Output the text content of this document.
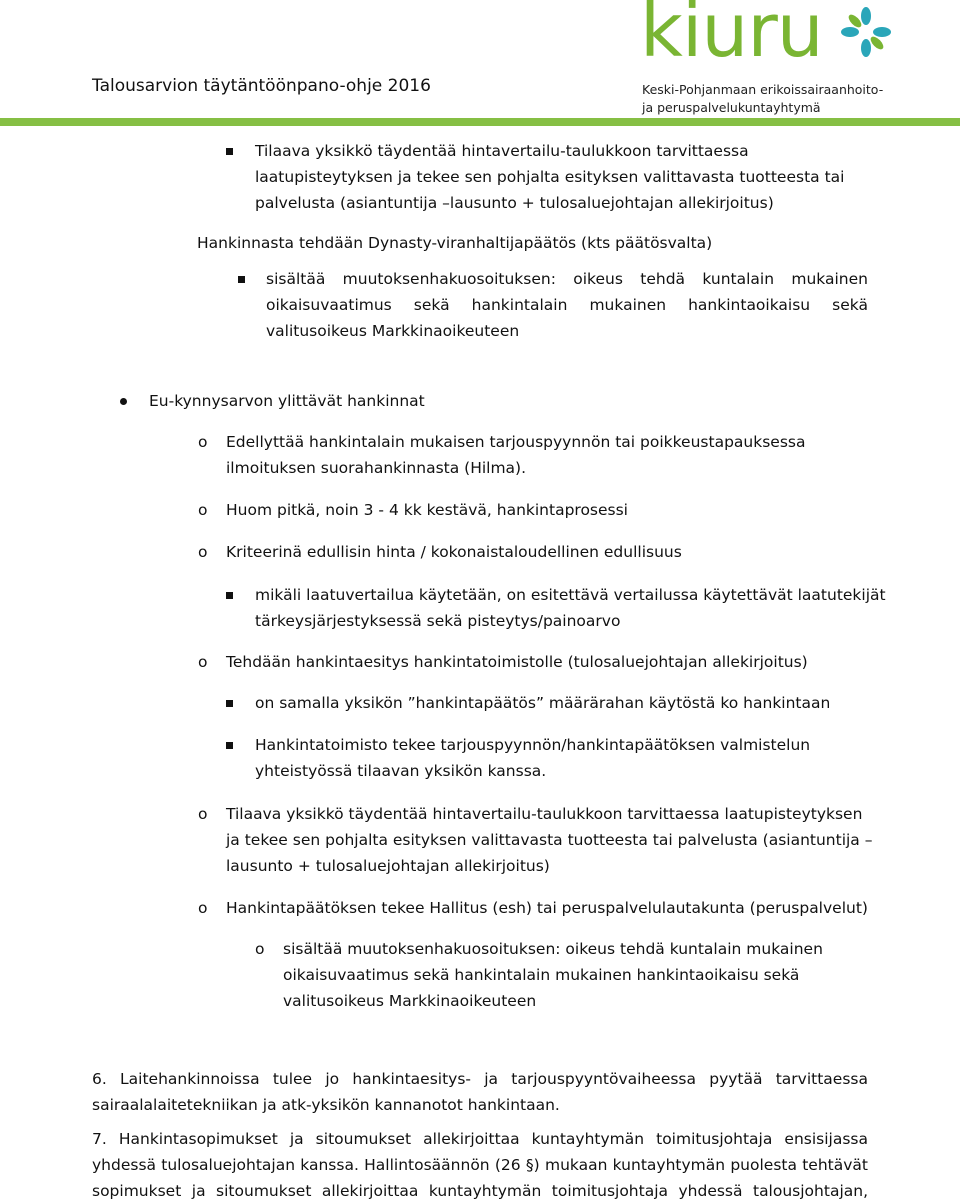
Talousarvion täytäntöönpano-ohje 2016
kiuru
Keski-Pohjanmaan erikoissairaanhoito-
ja peruspalvelukuntayhtymä
Tilaava yksikkö täydentää hintavertailu-taulukkoon tarvittaessa
laatupisteytyksen ja tekee sen pohjalta esityksen valittavasta tuotteesta tai
palvelusta (asiantuntija –lausunto + tulosaluejohtajan allekirjoitus)
Hankinnasta tehdään Dynasty-viranhaltijapäätös (kts päätösvalta)
sisältää muutoksenhakuosoituksen: oikeus tehdä kuntalain mukainen
oikaisuvaatimus sekä hankintalain mukainen hankintaoikaisu sekä
valitusoikeus Markkinaoikeuteen
Eu-kynnysarvon ylittävät hankinnat
o Edellyttää hankintalain mukaisen tarjouspyynnön tai poikkeustapauksessa
ilmoituksen suorahankinnasta (Hilma).
o Huom pitkä, noin 3 - 4 kk kestävä, hankintaprosessi
o Kriteerinä edullisin hinta / kokonaistaloudellinen edullisuus
mikäli laatuvertailua käytetään, on esitettävä vertailussa käytettävät laatutekijät
tärkeysjärjestyksessä sekä pisteytys/painoarvo
o Tehdään hankintaesitys hankintatoimistolle (tulosaluejohtajan allekirjoitus)
on samalla yksikön ”hankintapäätös” määrärahan käytöstä ko hankintaan
Hankintatoimisto tekee tarjouspyynnön/hankintapäätöksen valmistelun
yhteistyössä tilaavan yksikön kanssa.
o Tilaava yksikkö täydentää hintavertailu-taulukkoon tarvittaessa laatupisteytyksen
ja tekee sen pohjalta esityksen valittavasta tuotteesta tai palvelusta (asiantuntija –
lausunto + tulosaluejohtajan allekirjoitus)
o Hankintapäätöksen tekee Hallitus (esh) tai peruspalvelulautakunta (peruspalvelut)
o sisältää muutoksenhakuosoituksen: oikeus tehdä kuntalain mukainen
oikaisuvaatimus sekä hankintalain mukainen hankintaoikaisu sekä
valitusoikeus Markkinaoikeuteen
6. Laitehankinnoissa tulee jo hankintaesitys- ja tarjouspyyntövaiheessa pyytää tarvittaessa
sairaalalaitetekniikan ja atk-yksikön kannanotot hankintaan.
7. Hankintasopimukset ja sitoumukset allekirjoittaa kuntayhtymän toimitusjohtaja ensisijassa
yhdessä tulosaluejohtajan kanssa. Hallintosäännön (26 §) mukaan kuntayhtymän puolesta tehtävät
sopimukset ja sitoumukset allekirjoittaa kuntayhtymän toimitusjohtaja yhdessä talousjohtajan,
